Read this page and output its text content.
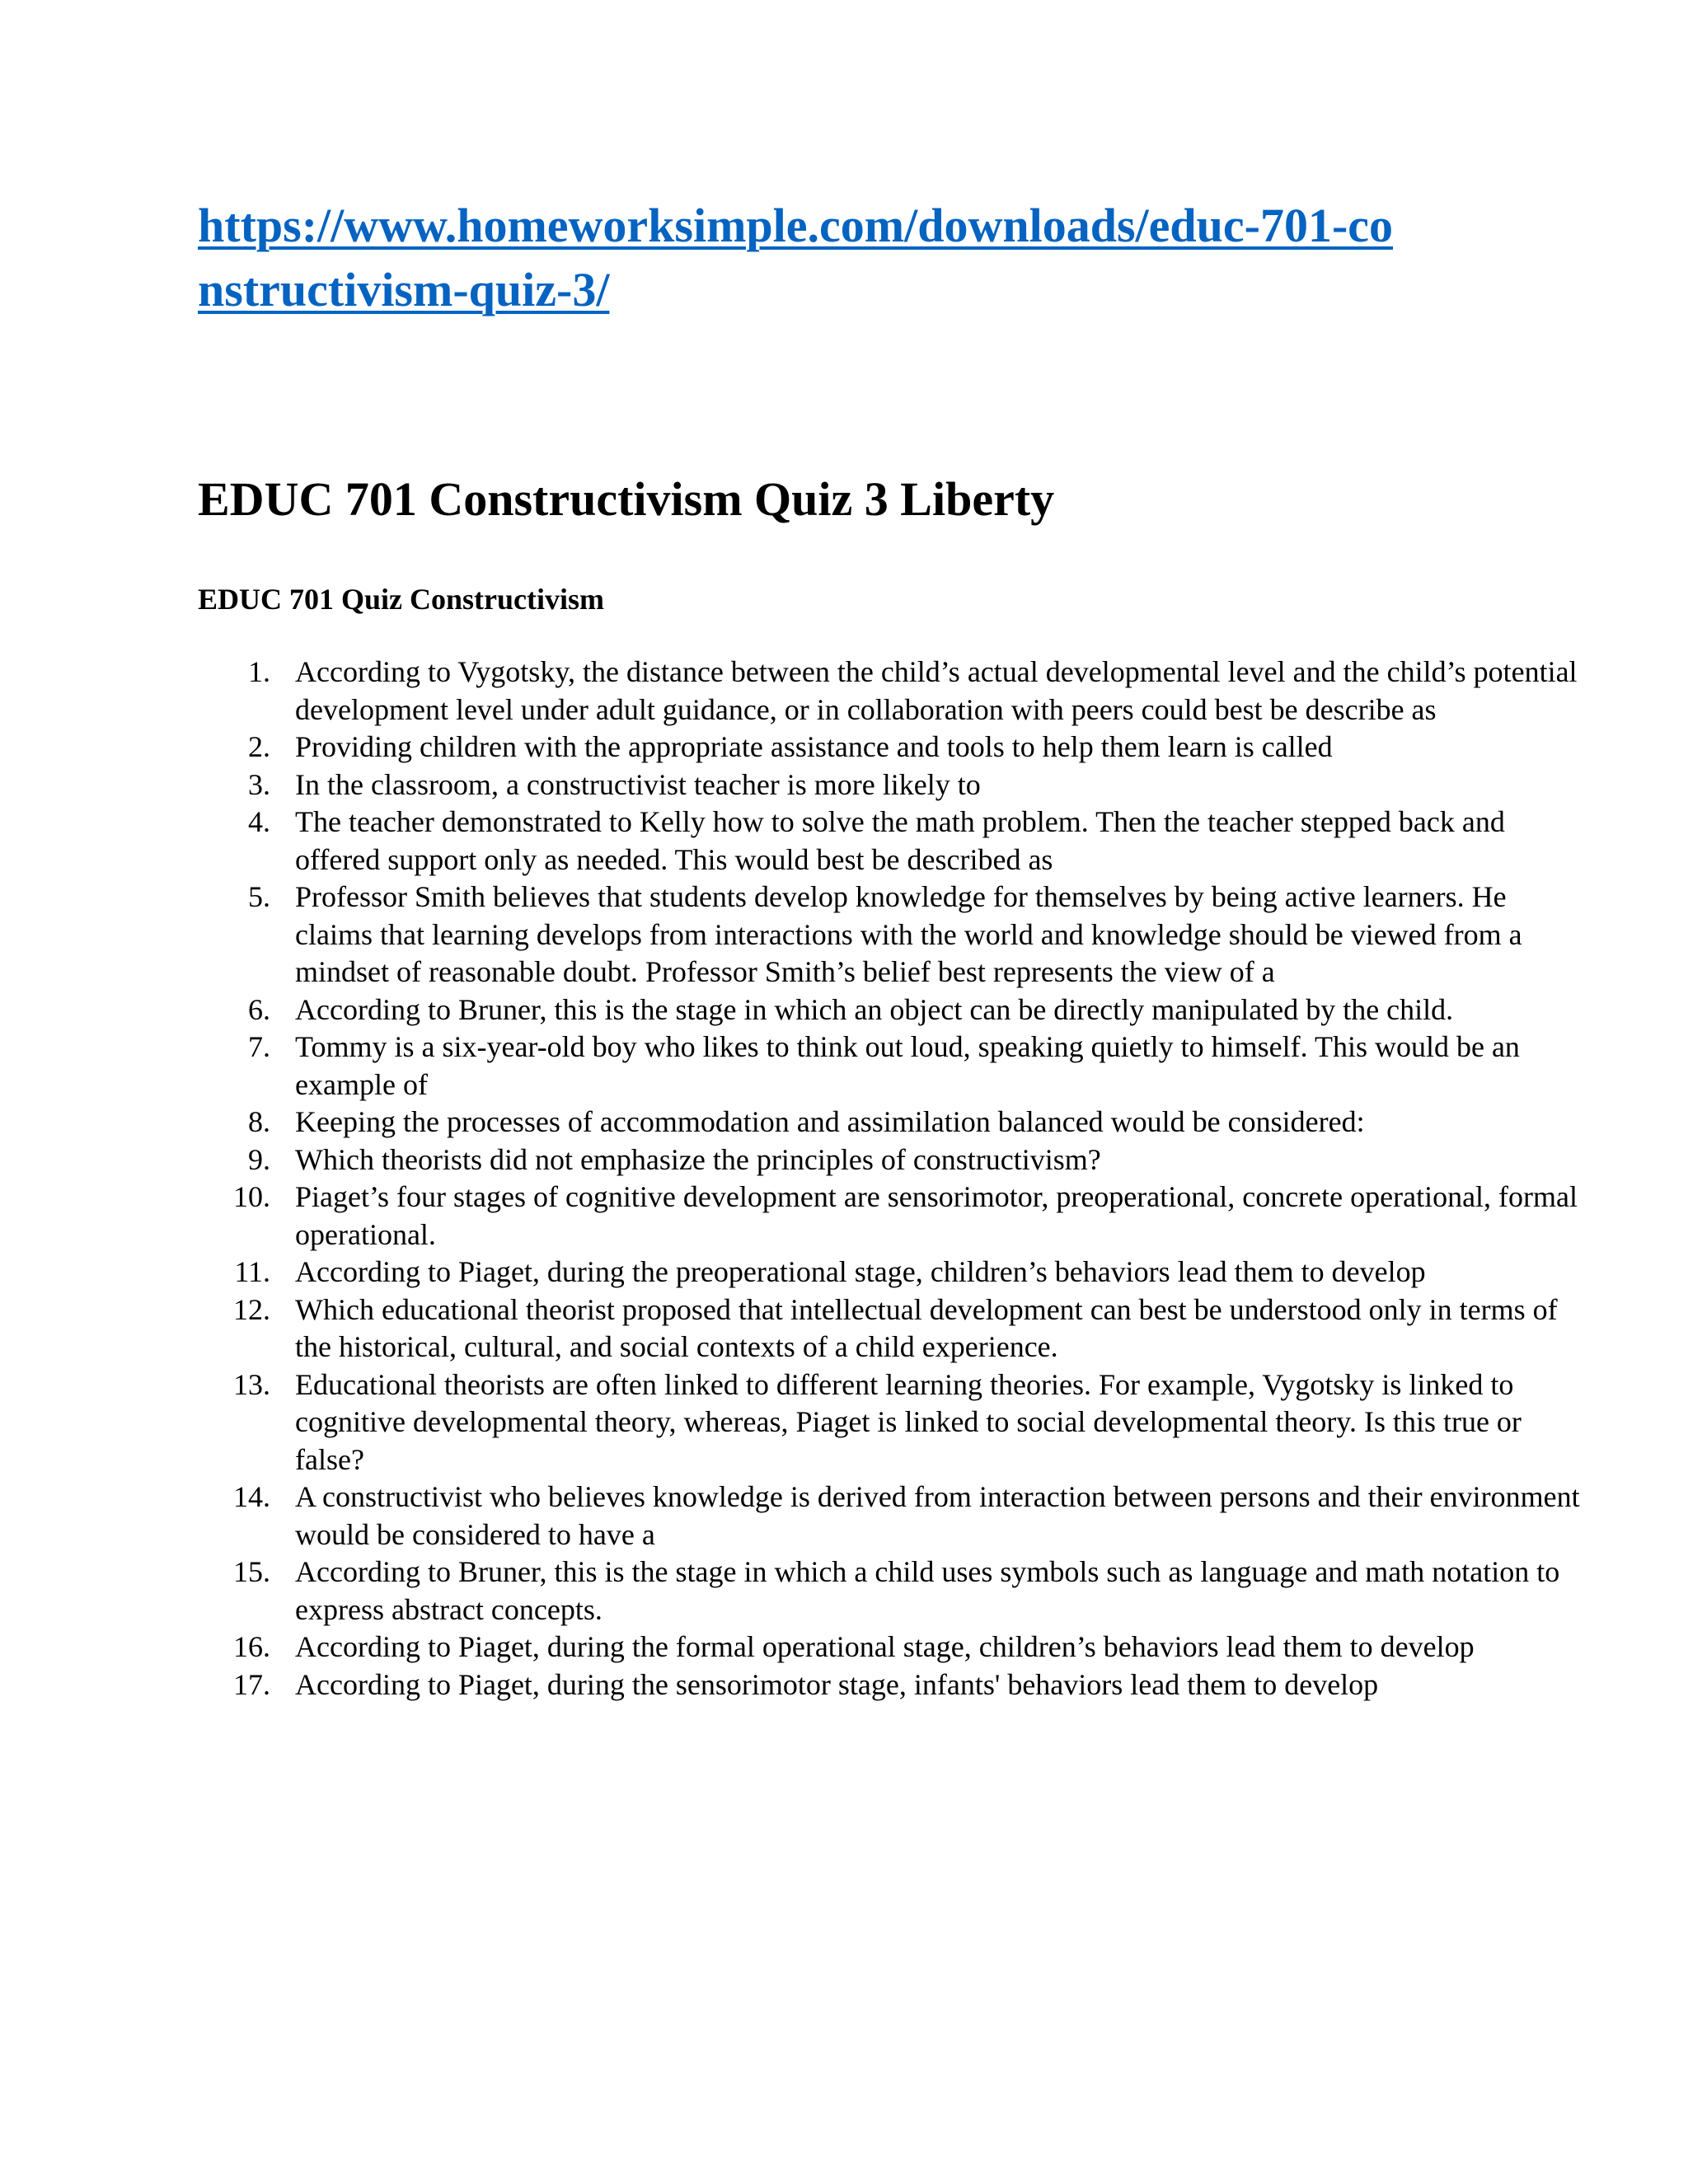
https://www.homeworksimple.com/downloads/educ-701-constructivism-quiz-3/
EDUC 701 Constructivism Quiz 3 Liberty
EDUC 701 Quiz Constructivism
1. According to Vygotsky, the distance between the child’s actual developmental level and the child’s potential development level under adult guidance, or in collaboration with peers could best be describe as
2. Providing children with the appropriate assistance and tools to help them learn is called
3. In the classroom, a constructivist teacher is more likely to
4. The teacher demonstrated to Kelly how to solve the math problem. Then the teacher stepped back and offered support only as needed. This would best be described as
5. Professor Smith believes that students develop knowledge for themselves by being active learners. He claims that learning develops from interactions with the world and knowledge should be viewed from a mindset of reasonable doubt. Professor Smith’s belief best represents the view of a
6. According to Bruner, this is the stage in which an object can be directly manipulated by the child.
7. Tommy is a six-year-old boy who likes to think out loud, speaking quietly to himself. This would be an example of
8. Keeping the processes of accommodation and assimilation balanced would be considered:
9. Which theorists did not emphasize the principles of constructivism?
10. Piaget’s four stages of cognitive development are sensorimotor, preoperational, concrete operational, formal operational.
11. According to Piaget, during the preoperational stage, children’s behaviors lead them to develop
12. Which educational theorist proposed that intellectual development can best be understood only in terms of the historical, cultural, and social contexts of a child experience.
13. Educational theorists are often linked to different learning theories. For example, Vygotsky is linked to cognitive developmental theory, whereas, Piaget is linked to social developmental theory. Is this true or false?
14. A constructivist who believes knowledge is derived from interaction between persons and their environment would be considered to have a
15. According to Bruner, this is the stage in which a child uses symbols such as language and math notation to express abstract concepts.
16. According to Piaget, during the formal operational stage, children’s behaviors lead them to develop
17. According to Piaget, during the sensorimotor stage, infants' behaviors lead them to develop
